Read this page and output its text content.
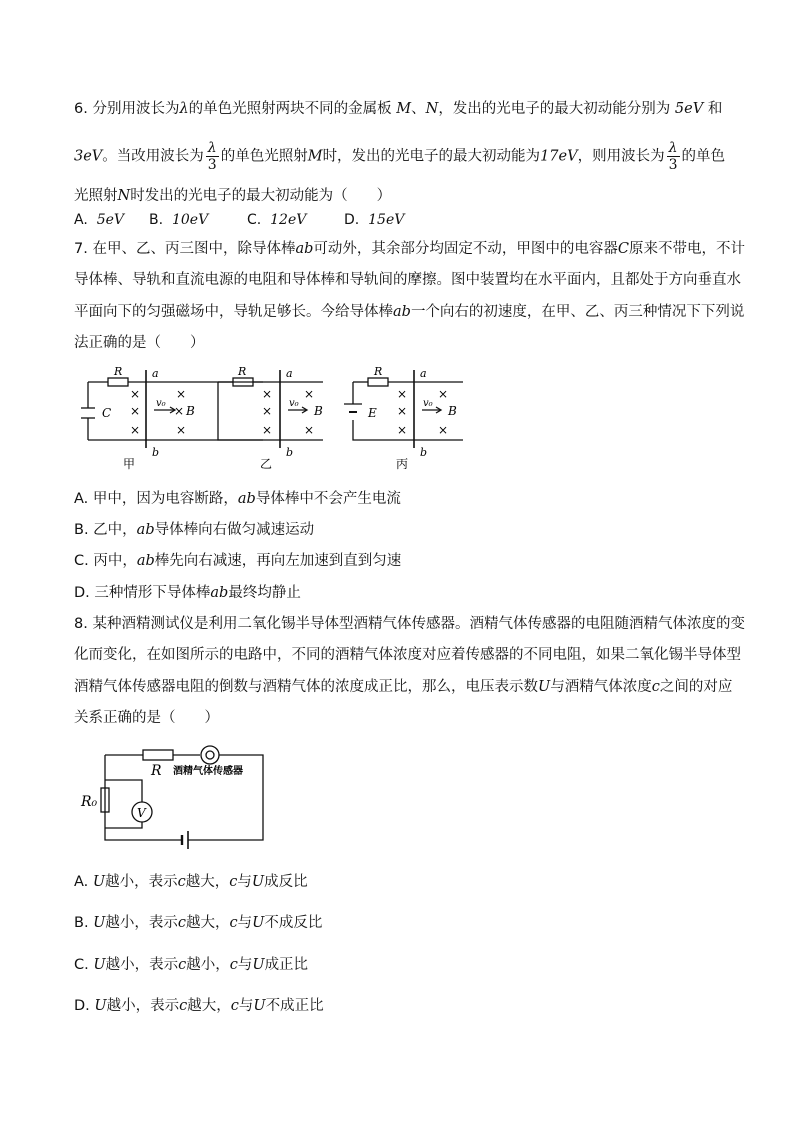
6. 分别用波长为λ的单色光照射两块不同的金属板 M、N，发出的光电子的最大初动能分别为 5eV 和
3eV。当改用波长为 $\frac{\lambda}{3}$ 的单色光照射M时，发出的光电子的最大初动能为17eV，则用波长为 $\frac{\lambda}{3}$ 的单色
光照射N时发出的光电子的最大初动能为（　　）
A. 5eV B. 10eV	C. 12eV	D. 15eV
7. 在甲、乙、丙三图中，除导体棒ab可动外，其余部分均固定不动，甲图中的电容器C原来不带电，不计
导体棒、导轨和直流电源的电阻和导体棒和导轨间的摩擦。图中装置均在水平面内，且都处于方向垂直水
平面向下的匀强磁场中，导轨足够长。今给导体棒ab一个向右的初速度，在甲、乙、丙三种情况下下列说
法正确的是（　　）
R	a
b
C
v₀
B
甲
×
×
×
×
×
×
R	a
b
v₀
B
乙
×
×
×
×
×
R	a
b
E
v₀
B
丙
×
×
×
×
×
A. 甲中，因为电容断路，ab导体棒中不会产生电流
B. 乙中，ab导体棒向右做匀减速运动
C. 丙中，ab棒先向右减速，再向左加速到直到匀速
D. 三种情形下导体棒ab最终均静止
8. 某种酒精测试仪是利用二氧化锡半导体型酒精气体传感器。酒精气体传感器的电阻随酒精气体浓度的变
化而变化，在如图所示的电路中，不同的酒精气体浓度对应着传感器的不同电阻，如果二氧化锡半导体型
酒精气体传感器电阻的倒数与酒精气体的浓度成正比，那么，电压表示数U与酒精气体浓度c之间的对应
关系正确的是（　　）
R 酒精气体传感器
R₀
V
A. U越小，表示c越大，c与U成反比
B. U越小，表示c越大，c与U不成反比
C. U越小，表示c越小，c与U成正比
D. U越小，表示c越大，c与U不成正比
